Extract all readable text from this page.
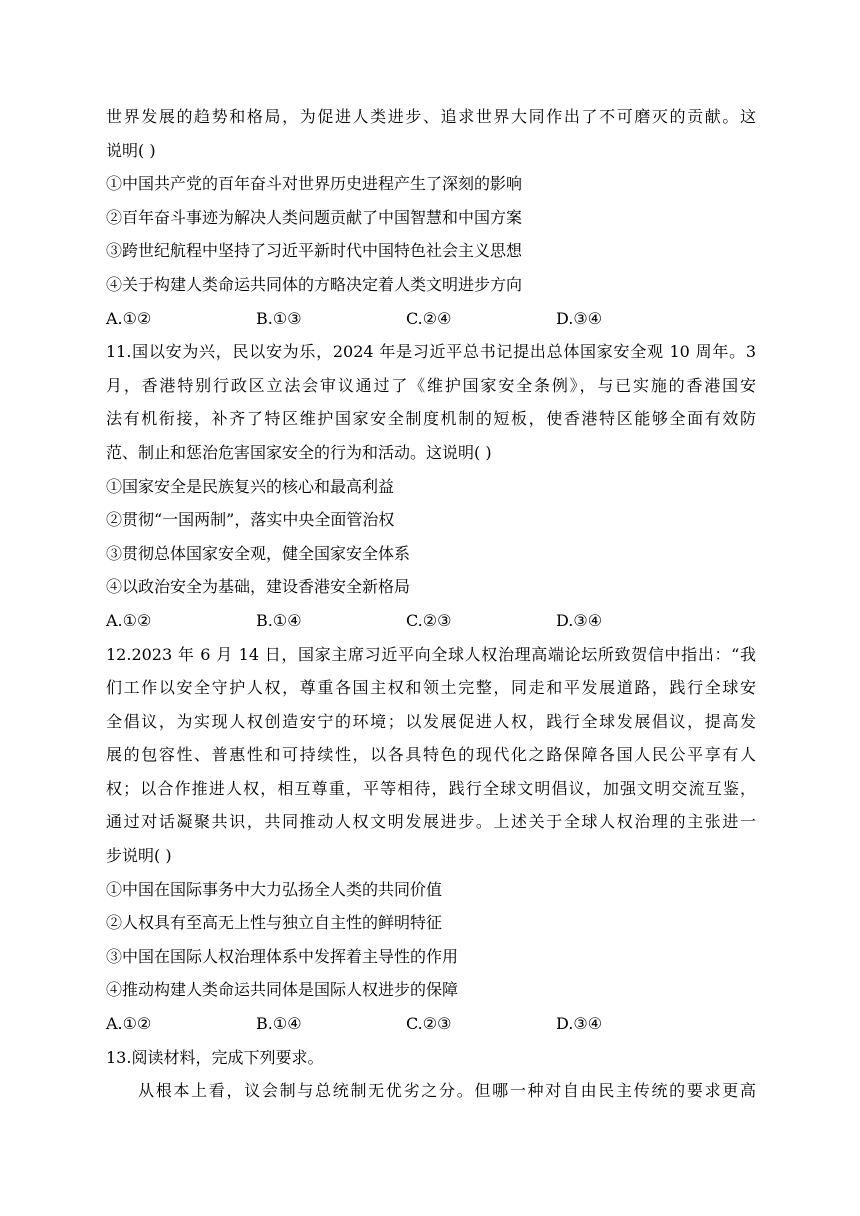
世界发展的趋势和格局，为促进人类进步、追求世界大同作出了不可磨灭的贡献。这
说明( )
①中国共产党的百年奋斗对世界历史进程产生了深刻的影响
②百年奋斗事迹为解决人类问题贡献了中国智慧和中国方案
③跨世纪航程中坚持了习近平新时代中国特色社会主义思想
④关于构建人类命运共同体的方略决定着人类文明进步方向
A.①②	B.①③	C.②④	D.③④
11.国以安为兴，民以安为乐，2024 年是习近平总书记提出总体国家安全观 10 周年。3
月，香港特别行政区立法会审议通过了《维护国家安全条例》，与已实施的香港国安
法有机衔接，补齐了特区维护国家安全制度机制的短板，使香港特区能够全面有效防
范、制止和惩治危害国家安全的行为和活动。这说明( )
①国家安全是民族复兴的核心和最高利益
②贯彻“一国两制”，落实中央全面管治权
③贯彻总体国家安全观，健全国家安全体系
④以政治安全为基础，建设香港安全新格局
A.①②	B.①④	C.②③	D.③④
12.2023 年 6 月 14 日，国家主席习近平向全球人权治理高端论坛所致贺信中指出：“我
们工作以安全守护人权，尊重各国主权和领土完整，同走和平发展道路，践行全球安
全倡议，为实现人权创造安宁的环境；以发展促进人权，践行全球发展倡议，提高发
展的包容性、普惠性和可持续性，以各具特色的现代化之路保障各国人民公平享有人
权；以合作推进人权，相互尊重，平等相待，践行全球文明倡议，加强文明交流互鉴，
通过对话凝聚共识，共同推动人权文明发展进步。上述关于全球人权治理的主张进一
步说明( )
①中国在国际事务中大力弘扬全人类的共同价值
②人权具有至高无上性与独立自主性的鲜明特征
③中国在国际人权治理体系中发挥着主导性的作用
④推动构建人类命运共同体是国际人权进步的保障
A.①②	B.①④	C.②③	D.③④
13.阅读材料，完成下列要求。
从根本上看，议会制与总统制无优劣之分。但哪一种对自由民主传统的要求更高
